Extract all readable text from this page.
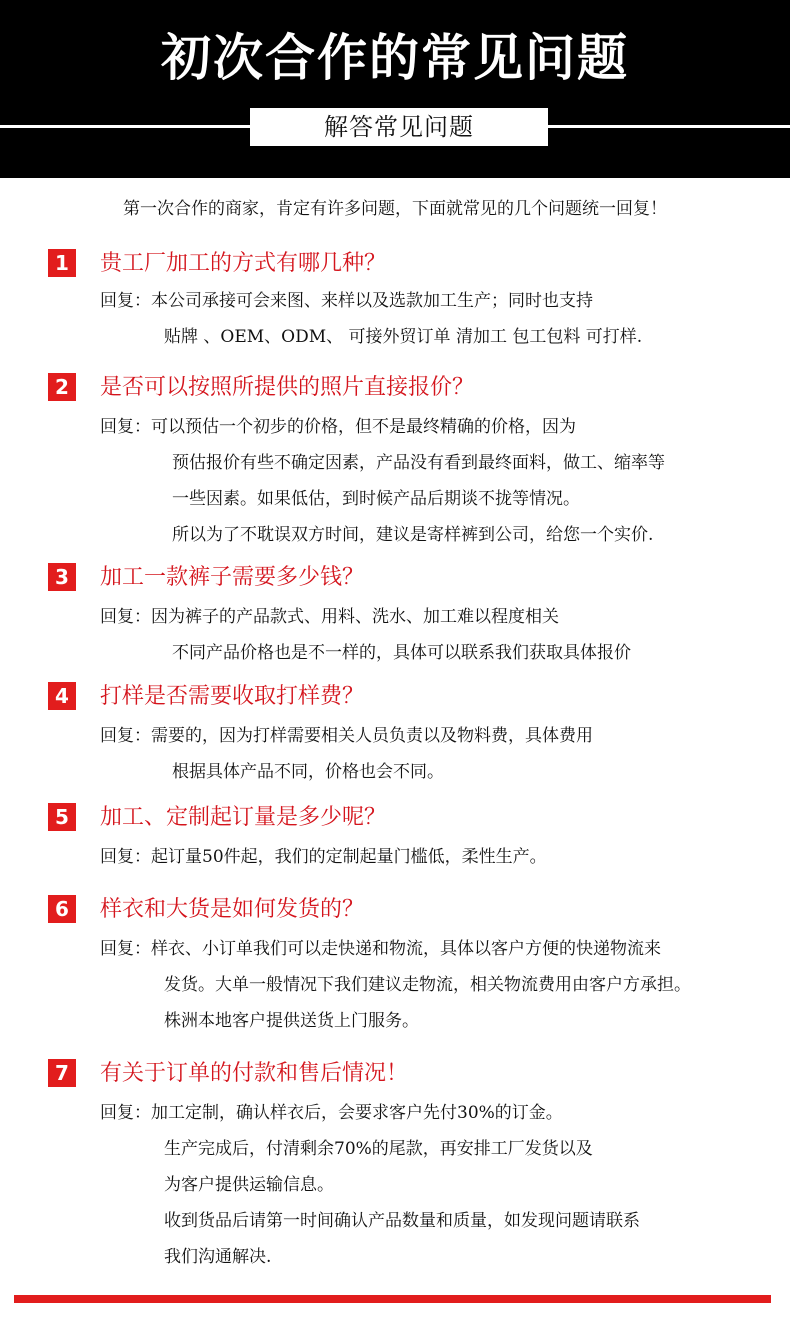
初次合作的常见问题
解答常见问题
第一次合作的商家，肯定有许多问题，下面就常见的几个问题统一回复！
1	贵工厂加工的方式有哪几种？
回复：本公司承接可会来图、来样以及选款加工生产；同时也支持
贴牌 、OEM、ODM、 可接外贸订单 清加工 包工包料 可打样.
2	是否可以按照所提供的照片直接报价？
回复：可以预估一个初步的价格，但不是最终精确的价格，因为
预估报价有些不确定因素，产品没有看到最终面料，做工、缩率等
一些因素。如果低估，到时候产品后期谈不拢等情况。
所以为了不耽误双方时间，建议是寄样裤到公司，给您一个实价.
3	加工一款裤子需要多少钱？
回复：因为裤子的产品款式、用料、洗水、加工难以程度相关
不同产品价格也是不一样的，具体可以联系我们获取具体报价
4	打样是否需要收取打样费？
回复：需要的，因为打样需要相关人员负责以及物料费，具体费用
根据具体产品不同，价格也会不同。
5	加工、定制起订量是多少呢？
回复：起订量50件起，我们的定制起量门槛低，柔性生产。
6	样衣和大货是如何发货的？
回复：样衣、小订单我们可以走快递和物流，具体以客户方便的快递物流来
发货。大单一般情况下我们建议走物流，相关物流费用由客户方承担。
株洲本地客户提供送货上门服务。
7	有关于订单的付款和售后情况！
回复：加工定制，确认样衣后，会要求客户先付30%的订金。
生产完成后，付清剩余70%的尾款，再安排工厂发货以及
为客户提供运输信息。
收到货品后请第一时间确认产品数量和质量，如发现问题请联系
我们沟通解决.
